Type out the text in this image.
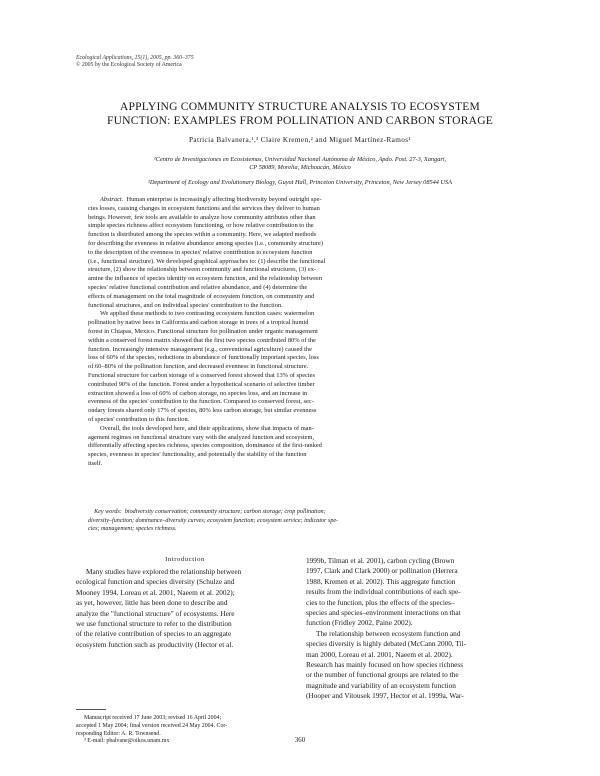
Ecological Applications, 15(1), 2005, pp. 360–375
© 2005 by the Ecological Society of America
APPLYING COMMUNITY STRUCTURE ANALYSIS TO ECOSYSTEM
FUNCTION: EXAMPLES FROM POLLINATION AND CARBON STORAGE
Patricia Balvanera,¹,³ Claire Kremen,² and Miguel Martínez-Ramos¹
¹Centro de Investigaciones en Ecosistemas, Universidad Nacional Autónoma de México, Apdo. Post. 27-3, Xangari,
CP 58089, Morelia, Michoacán, México
²Department of Ecology and Evolutionary Biology, Guyot Hall, Princeton University, Princeton, New Jersey 08544 USA
Abstract. Human enterprise is increasingly affecting biodiversity beyond outright spe-
cies losses, causing changes in ecosystem functions and the services they deliver to human
beings. However, few tools are available to analyze how community attributes other than
simple species richness affect ecosystem functioning, or how relative contribution to the
function is distributed among the species within a community. Here, we adapted methods
for describing the evenness in relative abundance among species (i.e., community structure)
to the description of the evenness in species' relative contribution to ecosystem function
(i.e., functional structure). We developed graphical approaches to: (1) describe the functional
structure, (2) show the relationship between community and functional structures, (3) ex-
amine the influence of species identity on ecosystem function, and the relationship between
species' relative functional contribution and relative abundance, and (4) determine the
effects of management on the total magnitude of ecosystem function, on community and
functional structures, and on individual species' contribution to the function.
We applied these methods to two contrasting ecosystem function cases: watermelon
pollination by native bees in California and carbon storage in trees of a tropical humid
forest in Chiapas, Mexico. Functional structure for pollination under organic management
within a conserved forest matrix showed that the first two species contributed 80% of the
function. Increasingly intensive management (e.g., conventional agriculture) caused the
loss of 60% of the species, reductions in abundance of functionally important species, loss
of 60–80% of the pollination function, and decreased evenness in functional structure.
Functional structure for carbon storage of a conserved forest showed that 13% of species
contributed 90% of the function. Forest under a hypothetical scenario of selective timber
extraction showed a loss of 60% of carbon storage, no species loss, and an increase in
evenness of the species' contribution to the function. Compared to conserved forest, sec-
ondary forests shared only 17% of species, 80% less carbon storage, but similar evenness
of species' contribution to this function.
Overall, the tools developed here, and their applications, show that impacts of man-
agement regimes on functional structure vary with the analyzed function and ecosystem,
differentially affecting species richness, species composition, dominance of the first-ranked
species, evenness in species' functionality, and potentially the stability of the function
itself.
Key words: biodiversity conservation; community structure; carbon storage; crop pollination;
diversity–function; dominance–diversity curves; ecosystem function; ecosystem service; indicator spe-
cies; management; species richness.
Introduction
Many studies have explored the relationship between
ecological function and species diversity (Schulze and
Mooney 1994, Loreau et al. 2001, Naeem et al. 2002);
as yet, however, little has been done to describe and
analyze the "functional structure" of ecosystems. Here
we use functional structure to refer to the distribution
of the relative contribution of species to an aggregate
ecosystem function such as productivity (Hector et al.
1999b, Tilman et al. 2001), carbon cycling (Brown
1997, Clark and Clark 2000) or pollination (Herrera
1988, Kremen et al. 2002). This aggregate function
results from the individual contributions of each spe-
cies to the function, plus the effects of the species–
species and species–environment interactions on that
function (Fridley 2002, Paine 2002).
The relationship between ecosystem function and
species diversity is highly debated (McCann 2000, Til-
man 2000, Loreau et al. 2001, Naeem et al. 2002).
Research has mainly focused on how species richness
or the number of functional groups are related to the
magnitude and variability of an ecosystem function
(Hooper and Vitousek 1997, Hector et al. 1999a, War-
Manuscript received 17 June 2003; revised 16 April 2004;
accepted 1 May 2004; final version received 24 May 2004. Cor-
responding Editor: A. R. Townsend.
³ E-mail: pbalvane@oikos.unam.mx	360
